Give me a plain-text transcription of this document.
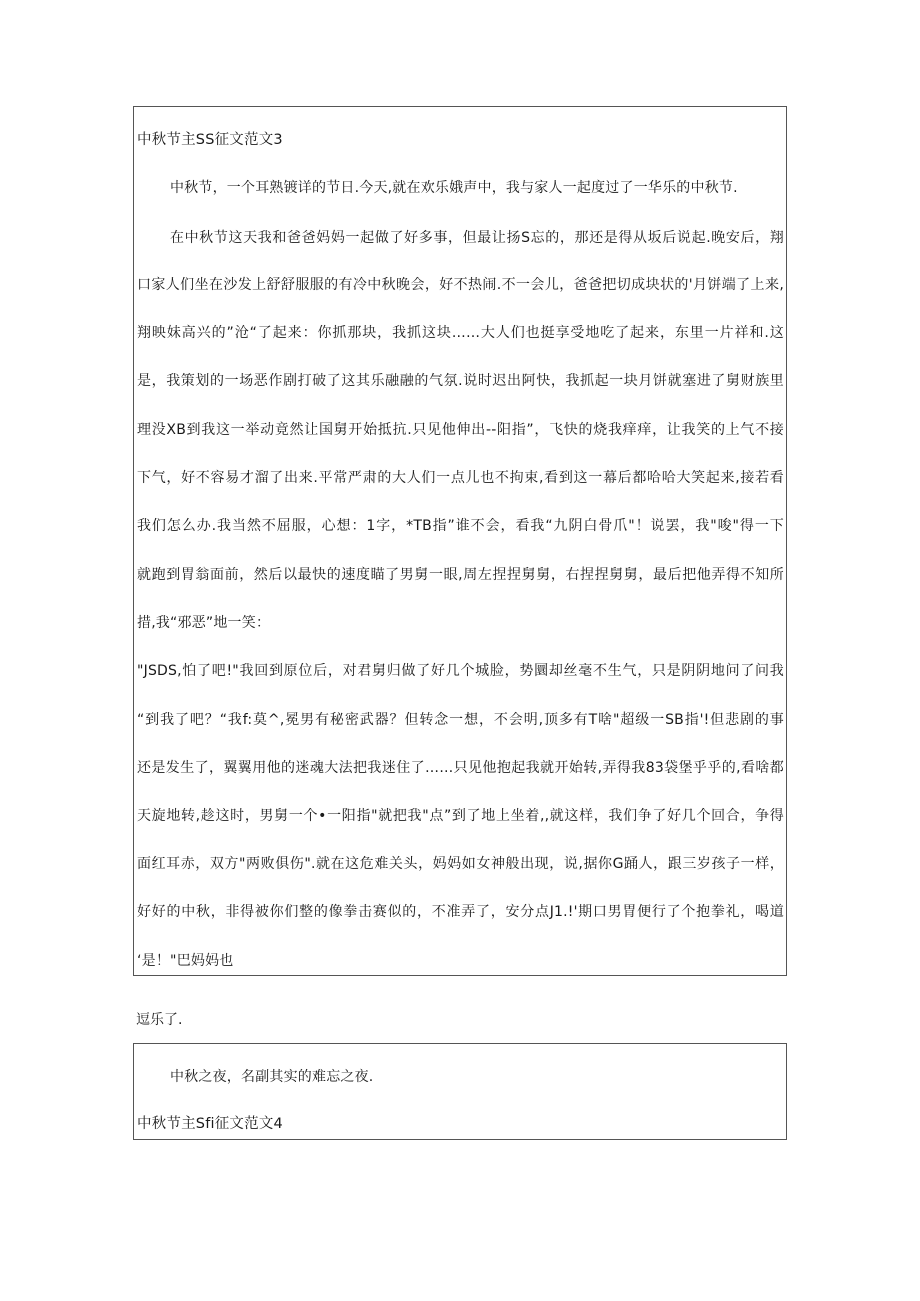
中秋节主SS征文范文3
中秋节，一个耳熟镀详的节日.今天,就在欢乐娥声中，我与家人一起度过了一华乐的中秋节.
在中秋节这天我和爸爸妈妈一起做了好多事，但最让扬S忘的，那还是得从坂后说起.晚安后，翔
口家人们坐在沙发上舒舒服服的有冷中秋晚会，好不热闹.不一会儿，爸爸把切成块状的'月饼端了上来,
翔映妹高兴的”沧“了起来：你抓那块，我抓这块……大人们也挺享受地吃了起来，东里一片祥和.这
是，我策划的一场恶作剧打破了这其乐融融的气氛.说时迟出阿快，我抓起一块月饼就塞进了舅财族里
理没XB到我这一举动竟然让国舅开始抵抗.只见他伸出--阳指”，飞快的烧我痒痒，让我笑的上气不接
下气，好不容易才溜了出来.平常严肃的大人们一点儿也不拘束,看到这一幕后都哈哈大笑起来,接若看
我们怎么办.我当然不屈服，心想：1字，*TB指”谁不会，看我“九阴白骨爪"！说罢，我"唆"得一下
就跑到胃翁面前，然后以最快的速度瞄了男舅一眼,周左捏捏舅舅，右捏捏舅舅，最后把他弄得不知所
措,我“邪恶”地一笑：
"JSDS,怕了吧!"我回到原位后，对君舅归做了好几个城脸，势圜却丝毫不生气，只是阴阴地问了问我
“到我了吧？“我f:莫^,冕男有秘密武器？但转念一想，不会明,顶多有T啥"超级一SB指'!但悲剧的事
还是发生了，翼翼用他的迷魂大法把我迷住了……只见他抱起我就开始转,弄得我83袋堡乎乎的,看啥都
天旋地转,趁这时，男舅一个•一阳指"就把我"点”到了地上坐着,,就这样，我们争了好几个回合，争得
面红耳赤，双方"两败俱伤".就在这危难关头，妈妈如女神般出现，说,据你G踊人，跟三岁孩子一样，
好好的中秋，非得被你们整的像拳击赛似的，不准弄了，安分点J1.!'期口男胃便行了个抱拳礼，喝道
‘是！"巴妈妈也
逗乐了.
中秋之夜，名副其实的难忘之夜.
中秋节主Sfi征文范文4
